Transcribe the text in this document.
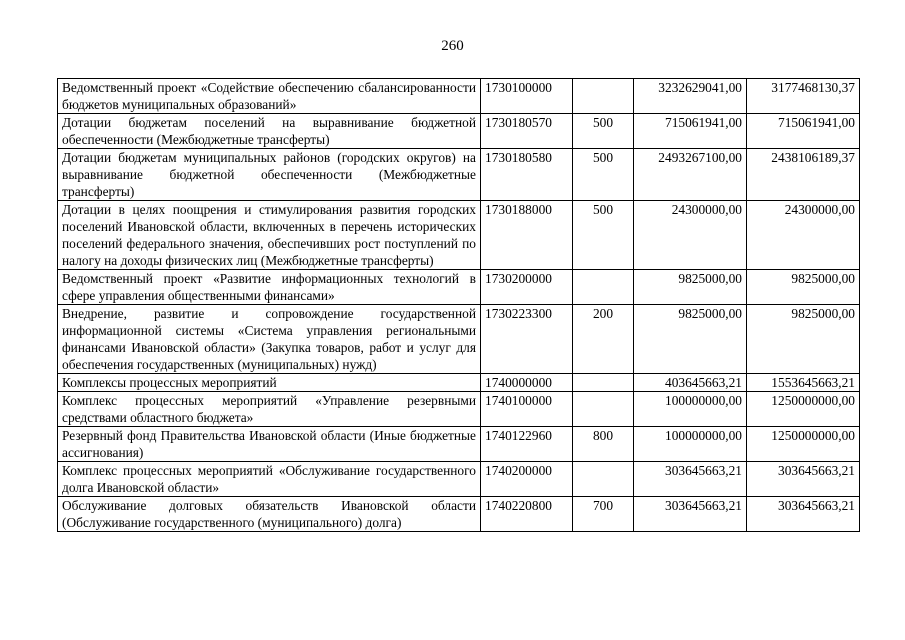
260
Ведомственный проект «Содействие обеспечению сбалансированности бюджетов муниципальных образований»	1730100000		3232629041,00	3177468130,37
Дотации бюджетам поселений на выравнивание бюджетной обеспеченности (Межбюджетные трансферты)	1730180570	500	715061941,00	715061941,00
Дотации бюджетам муниципальных районов (городских округов) на выравнивание бюджетной обеспеченности (Межбюджетные трансферты)	1730180580	500	2493267100,00	2438106189,37
Дотации в целях поощрения и стимулирования развития городских поселений Ивановской области, включенных в перечень исторических поселений федерального значения, обеспечивших рост поступлений по налогу на доходы физических лиц (Межбюджетные трансферты)	1730188000	500	24300000,00	24300000,00
Ведомственный проект «Развитие информационных технологий в сфере управления общественными финансами»	1730200000		9825000,00	9825000,00
Внедрение, развитие и сопровождение государственной информационной системы «Система управления региональными финансами Ивановской области» (Закупка товаров, работ и услуг для обеспечения государственных (муниципальных) нужд)	1730223300	200	9825000,00	9825000,00
Комплексы процессных мероприятий	1740000000		403645663,21	1553645663,21
Комплекс процессных мероприятий «Управление резервными средствами областного бюджета»	1740100000		100000000,00	1250000000,00
Резервный фонд Правительства Ивановской области (Иные бюджетные ассигнования)	1740122960	800	100000000,00	1250000000,00
Комплекс процессных мероприятий «Обслуживание государственного долга Ивановской области»	1740200000		303645663,21	303645663,21
Обслуживание долговых обязательств Ивановской области (Обслуживание государственного (муниципального) долга)	1740220800	700	303645663,21	303645663,21
